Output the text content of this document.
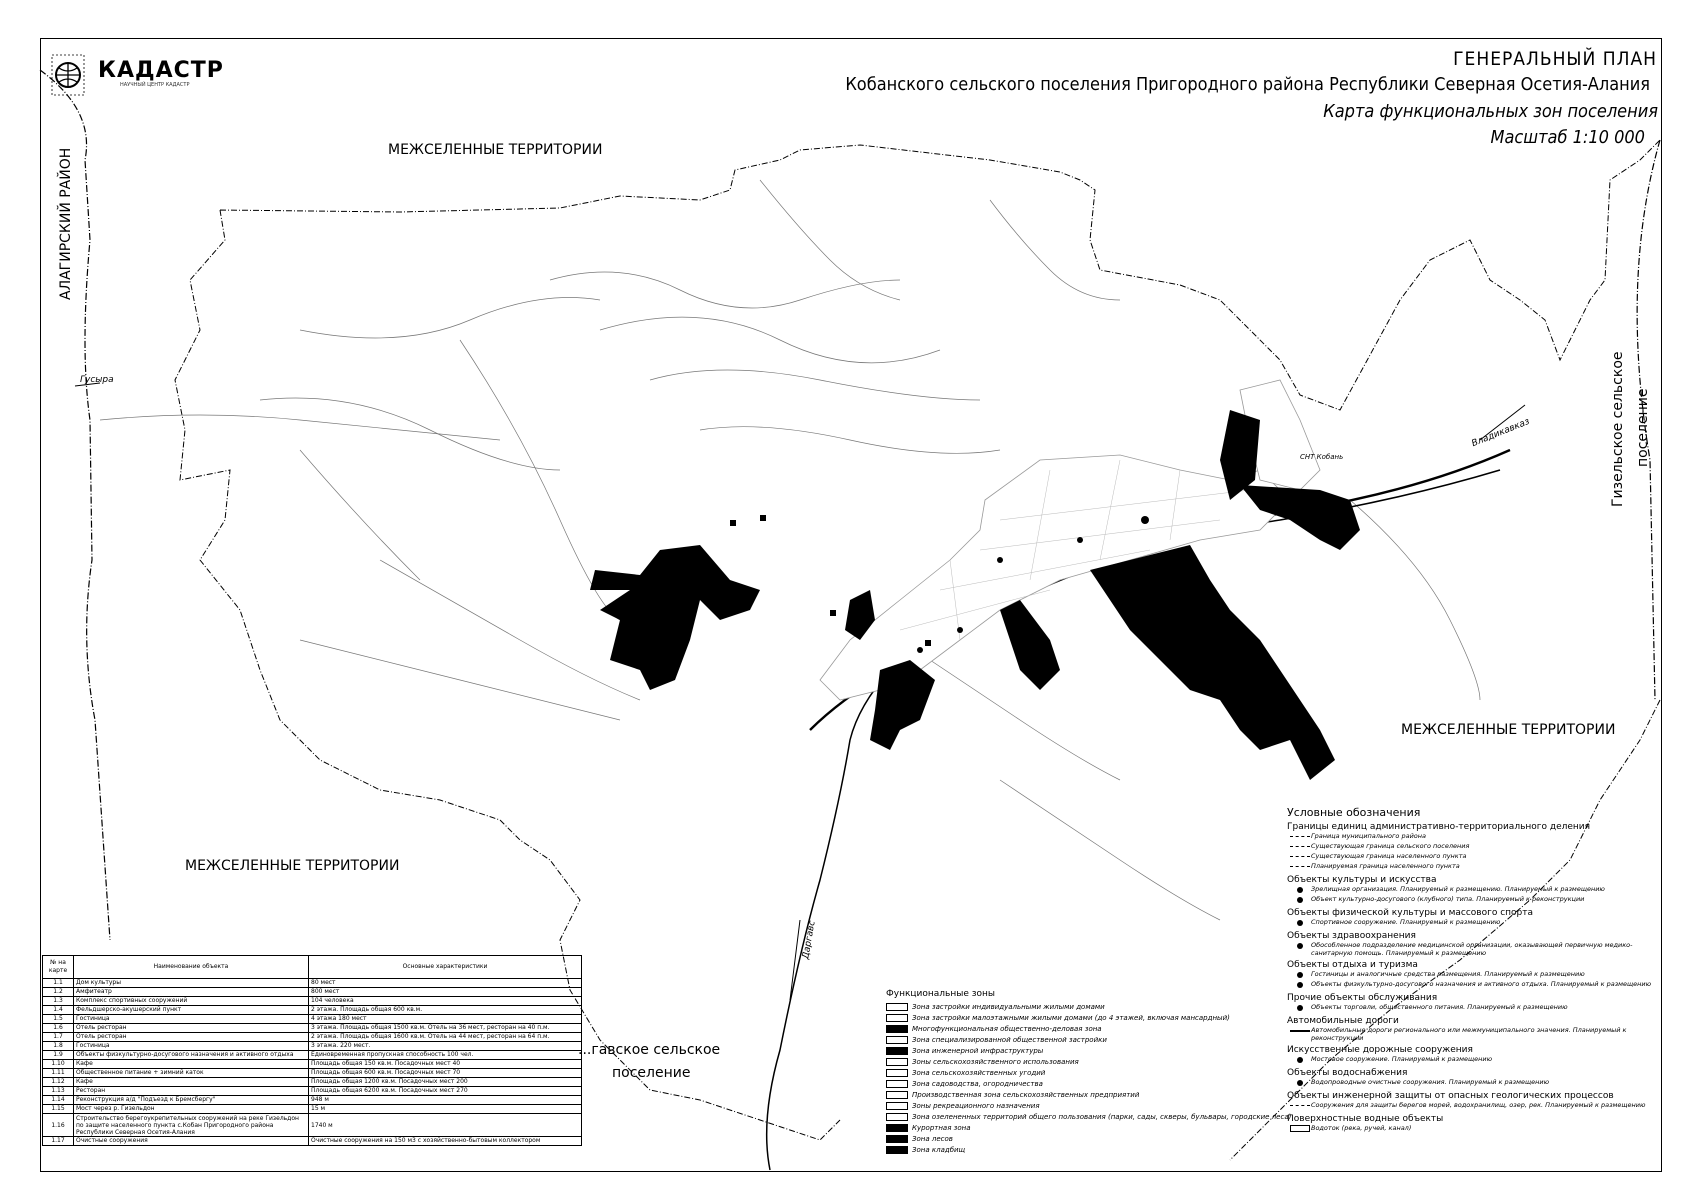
КАДАСТР
НАУЧНЫЙ ЦЕНТР КАДАСТР
ГЕНЕРАЛЬНЫЙ ПЛАН
Кобанского сельского поселения Пригородного района Республики Северная Осетия-Алания
Карта функциональных зон поселения
Масштаб 1:10 000
МЕЖСЕЛЕННЫЕ ТЕРРИТОРИИ
МЕЖСЕЛЕННЫЕ ТЕРРИТОРИИ
МЕЖСЕЛЕННЫЕ ТЕРРИТОРИИ
АЛАГИРСКИЙ РАЙОН
Гизельское сельское поселение
...гавское сельское
поселение
Гусыра
Владикавказ
Даргавс
СНТ Кобань
№ на карте	Наименование объекта	Основные характеристики
1.1	Дом культуры	80 мест
1.2	Амфитеатр	800 мест
1.3	Комплекс спортивных сооружений	104 человека
1.4	Фельдшерско-акушерский пункт	2 этажа. Площадь общая 600 кв.м.
1.5	Гостиница	4 этажа 180 мест
1.6	Отель ресторан	3 этажа. Площадь общая 1500 кв.м. Отель на 36 мест, ресторан на 40 п.м.
1.7	Отель ресторан	2 этажа. Площадь общая 1600 кв.м. Отель на 44 мест, ресторан на 64 п.м.
1.8	Гостиница	3 этажа. 220 мест.
1.9	Объекты физкультурно-досугового назначения и активного отдыха	Единовременная пропускная способность 100 чел.
1.10	Кафе	Площадь общая 150 кв.м. Посадочных мест 40
1.11	Общественное питание + зимний каток	Площадь общая 600 кв.м. Посадочных мест 70
1.12	Кафе	Площадь общая 1200 кв.м. Посадочных мест 200
1.13	Ресторан	Площадь общая 6200 кв.м. Посадочных мест 270
1.14	Реконструкция а/д "Подъезд к Бремсбергу"	948 м
1.15	Мост через р. Гизельдон	15 м
1.16	Строительство берегоукрепительных сооружений на реке Гизельдон по защите населенного пункта с.Кобан Пригородного района Республики Северная Осетия-Алания	1740 м
1.17	Очистные сооружения	Очистные сооружения на 150 м3 с хозяйственно-бытовым коллектором
Функциональные зоны
Зона застройки индивидуальными жилыми домами
Зона застройки малоэтажными жилыми домами (до 4 этажей, включая мансардный)
Многофункциональная общественно-деловая зона
Зона специализированной общественной застройки
Зона инженерной инфраструктуры
Зоны сельскохозяйственного использования
Зона сельскохозяйственных угодий
Зона садоводства, огородничества
Производственная зона сельскохозяйственных предприятий
Зоны рекреационного назначения
Зона озелененных территорий общего пользования (парки, сады, скверы, бульвары, городские леса)
Курортная зона
Зона лесов
Зона кладбищ
Условные обозначения
Границы единиц административно-территориального деления
Граница муниципального района
Существующая граница сельского поселения
Существующая граница населенного пункта
Планируемая граница населенного пункта
Объекты культуры и искусства
Зрелищная организация. Планируемый к размещению. Планируемый к размещению
Объект культурно-досугового (клубного) типа. Планируемый к реконструкции
Объекты физической культуры и массового спорта
Спортивное сооружение. Планируемый к размещению
Объекты здравоохранения
Обособленное подразделение медицинской организации, оказывающей первичную медико-санитарную помощь. Планируемый к размещению
Объекты отдыха и туризма
Гостиницы и аналогичные средства размещения. Планируемый к размещению
Объекты физкультурно-досугового назначения и активного отдыха. Планируемый к размещению
Прочие объекты обслуживания
Объекты торговли, общественного питания. Планируемый к размещению
Автомобильные дороги
Автомобильные дороги регионального или межмуниципального значения. Планируемый к реконструкции
Искусственные дорожные сооружения
Мостовое сооружение. Планируемый к размещению
Объекты водоснабжения
Водопроводные очистные сооружения. Планируемый к размещению
Объекты инженерной защиты от опасных геологических процессов
Сооружения для защиты берегов морей, водохранилищ, озер, рек. Планируемый к размещению
Поверхностные водные объекты
Водоток (река, ручей, канал)
